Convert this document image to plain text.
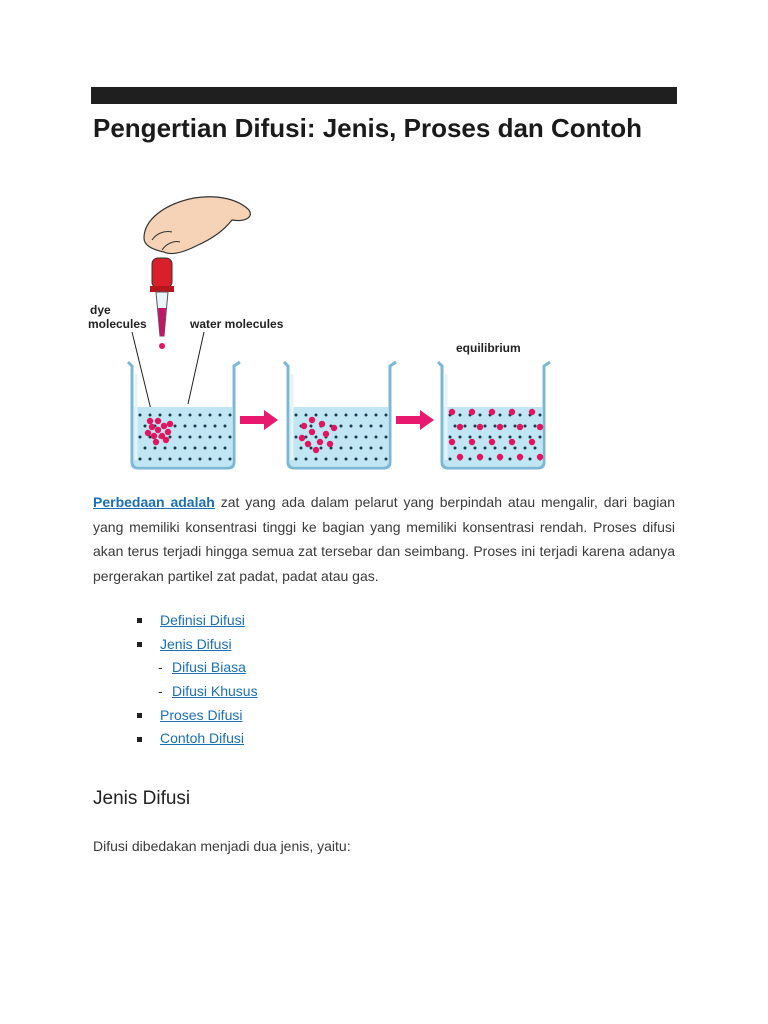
Pengertian Difusi: Jenis, Proses dan Contoh
dye
molecules	water molecules
equilibrium

Perbedaan adalah zat yang ada dalam pelarut yang berpindah atau mengalir, dari bagian yang memiliki konsentrasi tinggi ke bagian yang memiliki konsentrasi rendah. Proses difusi akan terus terjadi hingga semua zat tersebar dan seimbang. Proses ini terjadi karena adanya pergerakan partikel zat padat, padat atau gas.

Definisi Difusi
Jenis Difusi
- Difusi Biasa
- Difusi Khusus
Proses Difusi
Contoh Difusi
Jenis Difusi

Difusi dibedakan menjadi dua jenis, yaitu:
